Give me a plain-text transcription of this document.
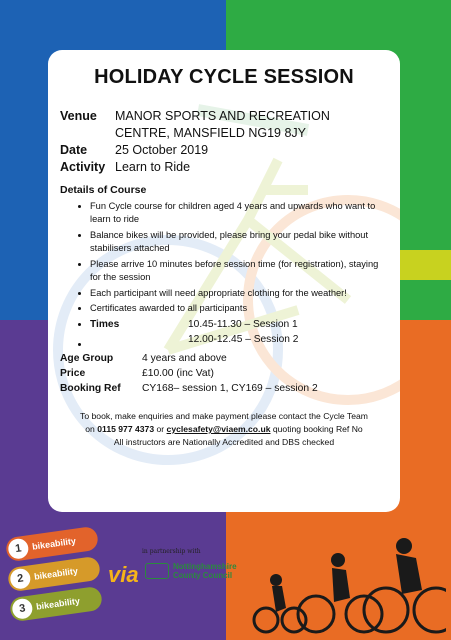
HOLIDAY CYCLE SESSION
Venue	MANOR SPORTS AND RECREATION
CENTRE, MANSFIELD NG19 8JY
Date	25 October 2019
Activity Learn to Ride
Details of Course
• Fun Cycle course for children aged 4 years and upwards who want to learn to ride
• Balance bikes will be provided, please bring your pedal bike without stabilisers attached
• Please arrive 10 minutes before session time (for registration), staying for the session
• Each participant will need appropriate clothing for the weather!
• Certificates awarded to all participants
• Times	10.45-11.30 – Session 1
• 12.00-12.45 – Session 2
Age Group	4 years and above
Price	£10.00 (inc Vat)
Booking Ref	CY168– session 1, CY169 – session 2
To book, make enquiries and make payment please contact the Cycle Team
on 0115 977 4373 or cyclesafety@viaem.co.uk quoting booking Ref No
All instructors are Nationally Accredited and DBS checked
1	bikeability
2	bikeability
3	bikeability
via
in partnership with
Nottinghamshire
County Council
